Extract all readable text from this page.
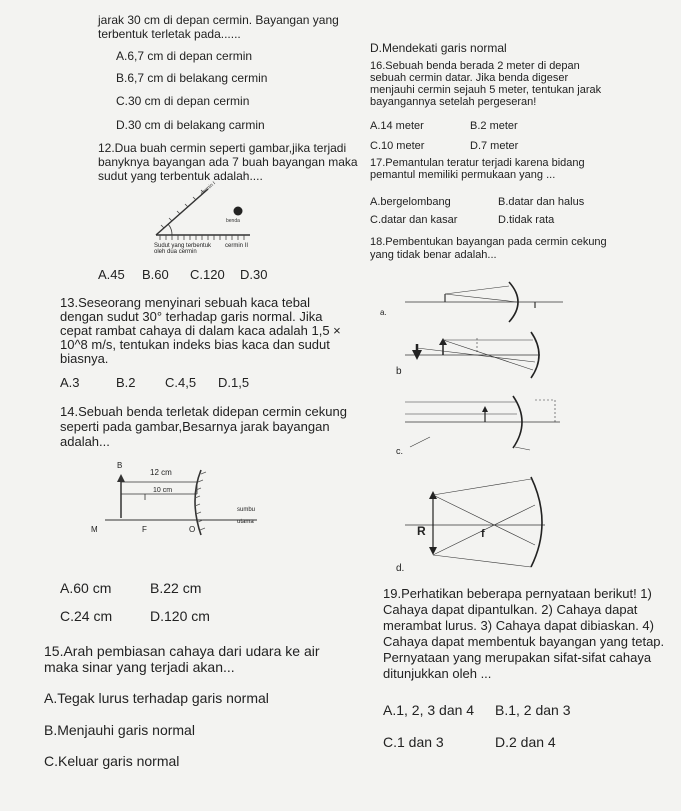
jarak 30 cm di depan cermin. Bayangan yang
terbentuk terletak pada......
A.6,7 cm di depan cermin
B.6,7 cm di belakang cermin
C.30 cm di depan cermin
D.30 cm di belakang carmin
12.Dua buah cermin seperti gambar,jika terjadi
banyknya bayangan ada 7 buah bayangan maka
sudut yang terbentuk adalah....
benda
cermin I
Sudut yang terbentuk
oleh dua cermin
cermin II
A.45 B.60 C.120 D.30
13.Seseorang menyinari sebuah kaca tebal
dengan sudut 30° terhadap garis normal. Jika
cepat rambat cahaya di dalam kaca adalah 1,5 ×
10^8 m/s, tentukan indeks bias kaca dan sudut
biasnya.
A.3	B.2 C.4,5 D.1,5
14.Sebuah benda terletak didepan cermin cekung
seperti pada gambar,Besarnya jarak bayangan
adalah...
B
12 cm
10 cm
M	F	O
sumbu
utama
A.60 cm	B.22 cm
C.24 cm	D.120 cm
15.Arah pembiasan cahaya dari udara ke air
maka sinar yang terjadi akan...
A.Tegak lurus terhadap garis normal
B.Menjauhi garis normal
C.Keluar garis normal
D.Mendekati garis normal
16.Sebuah benda berada 2 meter di depan
sebuah cermin datar. Jika benda digeser
menjauhi cermin sejauh 5 meter, tentukan jarak
bayangannya setelah pergeseran!
A.14 meter	B.2 meter
C.10 meter	D.7 meter
17.Pemantulan teratur terjadi karena bidang
pemantul memiliki permukaan yang ...
A.bergelombang	B.datar dan halus
C.datar dan kasar	D.tidak rata
18.Pembentukan bayangan pada cermin cekung
yang tidak benar adalah...
a.
b
c.
d.
R	f
19.Perhatikan beberapa pernyataan berikut! 1)
Cahaya dapat dipantulkan. 2) Cahaya dapat
merambat lurus. 3) Cahaya dapat dibiaskan. 4)
Cahaya dapat membentuk bayangan yang tetap.
Pernyataan yang merupakan sifat-sifat cahaya
ditunjukkan oleh ...
A.1, 2, 3 dan 4 B.1, 2 dan 3
C.1 dan 3	D.2 dan 4
